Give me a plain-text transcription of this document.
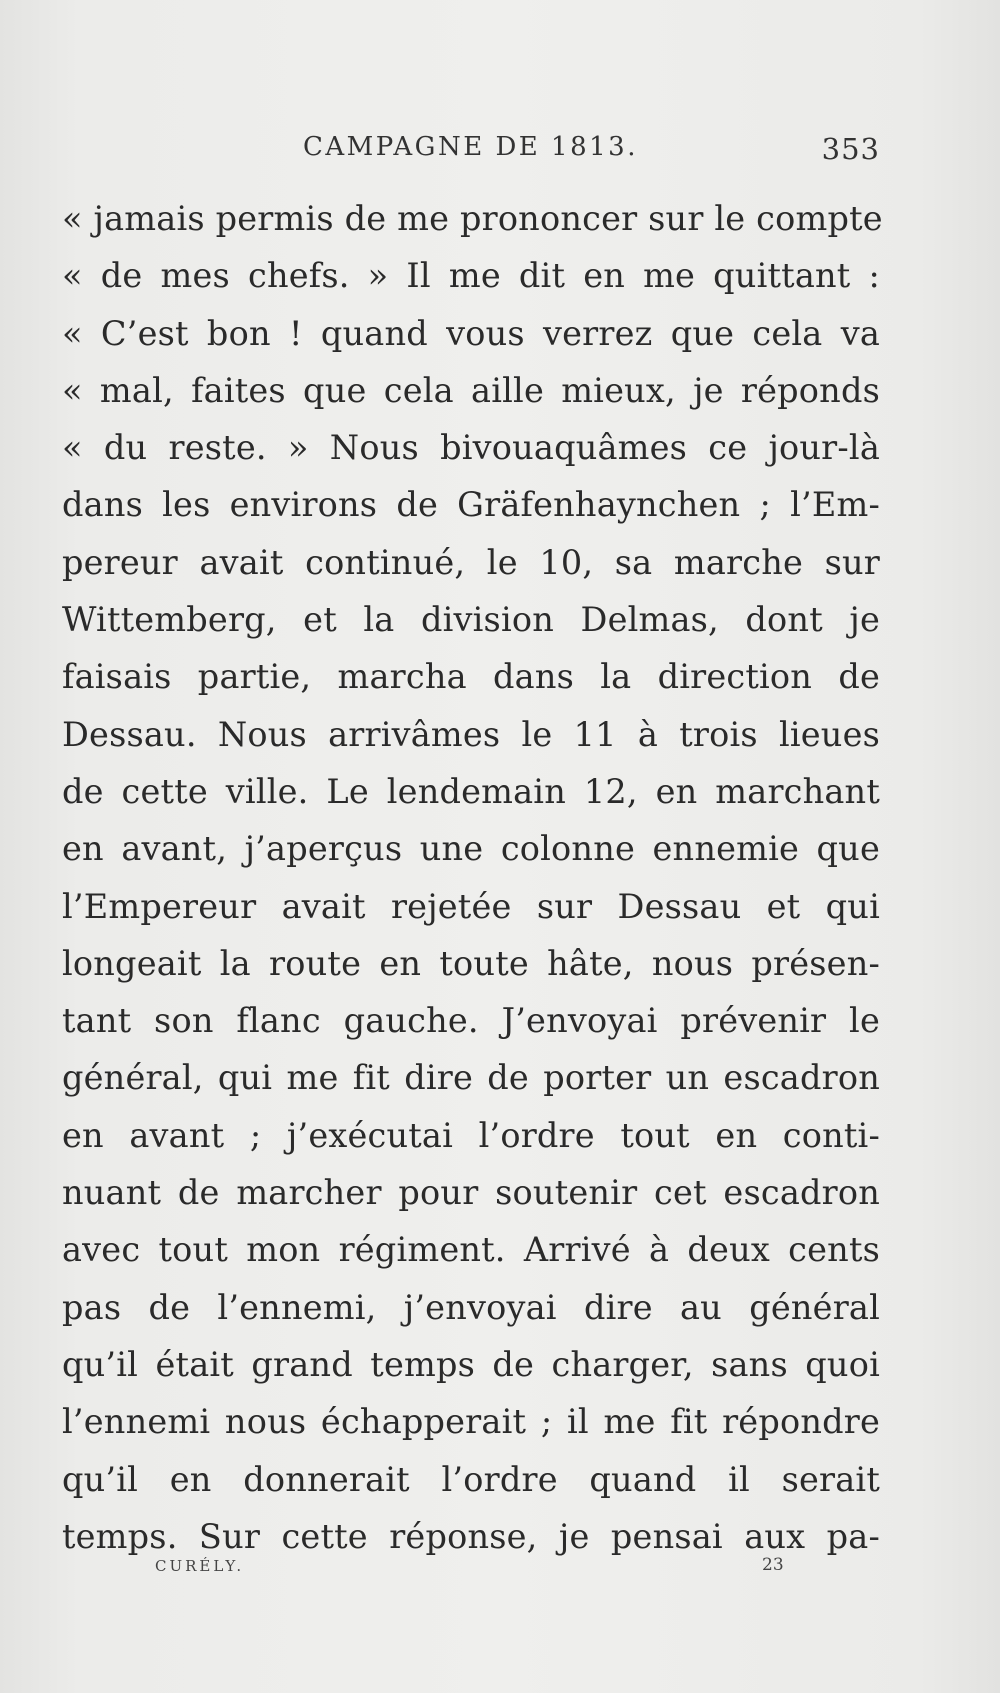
CAMPAGNE DE 1813.	353
« jamais permis de me prononcer sur le compte
« de mes chefs. » Il me dit en me quittant :
« C’est bon ! quand vous verrez que cela va
« mal, faites que cela aille mieux, je réponds
« du reste. » Nous bivouaquâmes ce jour-là
dans les environs de Gräfenhaynchen ; l’Em-
pereur avait continué, le 10, sa marche sur
Wittemberg, et la division Delmas, dont je
faisais partie, marcha dans la direction de
Dessau. Nous arrivâmes le 11 à trois lieues
de cette ville. Le lendemain 12, en marchant
en avant, j’aperçus une colonne ennemie que
l’Empereur avait rejetée sur Dessau et qui
longeait la route en toute hâte, nous présen-
tant son flanc gauche. J’envoyai prévenir le
général, qui me fit dire de porter un escadron
en avant ; j’exécutai l’ordre tout en conti-
nuant de marcher pour soutenir cet escadron
avec tout mon régiment. Arrivé à deux cents
pas de l’ennemi, j’envoyai dire au général
qu’il était grand temps de charger, sans quoi
l’ennemi nous échapperait ; il me fit répondre
qu’il en donnerait l’ordre quand il serait
temps. Sur cette réponse, je pensai aux pa-
CURÉLY.	23
